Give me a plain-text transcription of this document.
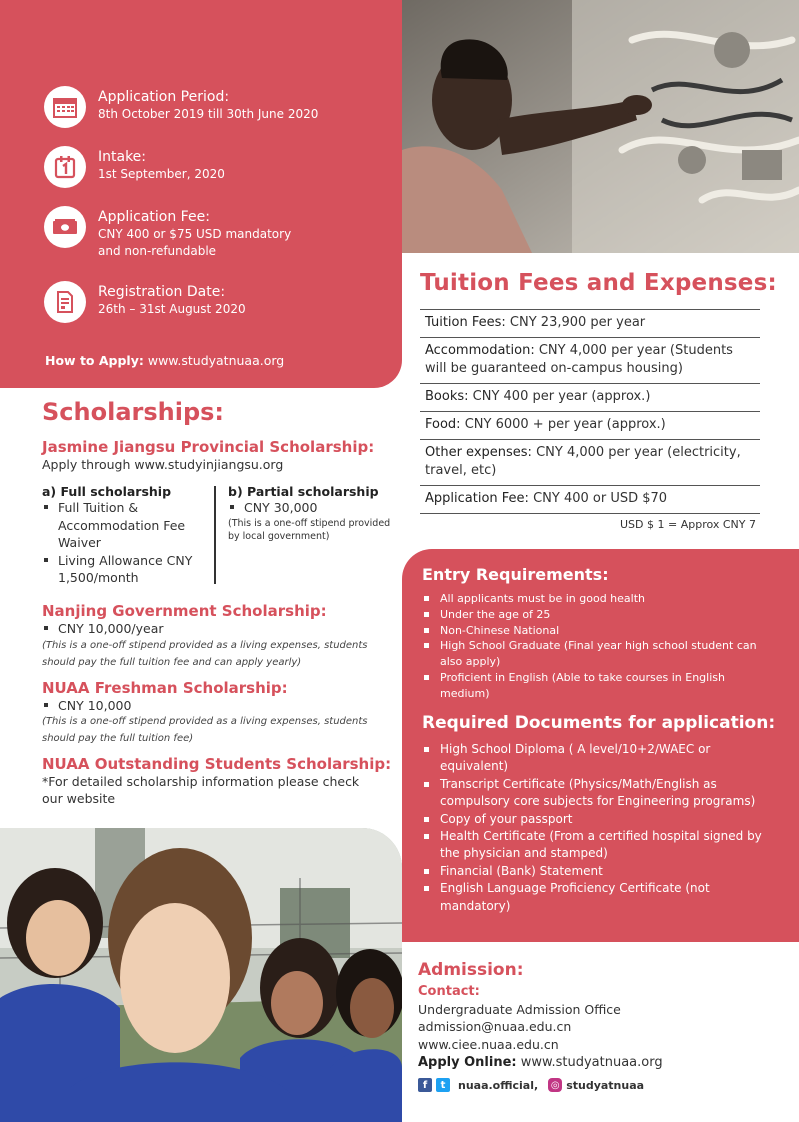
Application Period:
8th October 2019 till 30th June 2020
Intake:
1st September, 2020
Application Fee:
CNY 400 or $75 USD mandatory
and non-refundable
Registration Date:
26th – 31st August 2020
How to Apply: www.studyatnuaa.org
Tuition Fees and Expenses:
Tuition Fees: CNY 23,900 per year
Accommodation: CNY 4,000 per year (Students will be guaranteed on-campus housing)
Books: CNY 400 per year (approx.)
Food: CNY 6000 + per year (approx.)
Other expenses: CNY 4,000 per year (electricity, travel, etc)
Application Fee: CNY 400 or USD $70
USD $ 1 = Approx CNY 7
Entry Requirements:
All applicants must be in good health
Under the age of 25
Non-Chinese National
High School Graduate (Final year high school student can also apply)
Proficient in English (Able to take courses in English medium)
Required Documents for application:
High School Diploma ( A level/10+2/WAEC or equivalent)
Transcript Certificate (Physics/Math/English as compulsory core subjects for Engineering programs)
Copy of your passport
Health Certificate (From a certified hospital signed by the physician and stamped)
Financial (Bank) Statement
English Language Proficiency Certificate (not mandatory)
Scholarships:
Jasmine Jiangsu Provincial Scholarship:
Apply through www.studyinjiangsu.org
a) Full scholarship
Full Tuition & Accommodation Fee Waiver
Living Allowance CNY 1,500/month
b) Partial scholarship
CNY 30,000
(This is a one-off stipend provided by local government)
Nanjing Government Scholarship:
CNY 10,000/year
(This is a one-off stipend provided as a living expenses, students should pay the full tuition fee and can apply yearly)
NUAA Freshman Scholarship:
CNY 10,000
(This is a one-off stipend provided as a living expenses, students should pay the full tuition fee)
NUAA Outstanding Students Scholarship:
*For detailed scholarship information please check our website
Admission:
Contact:
Undergraduate Admission Office
admission@nuaa.edu.cn
www.ciee.nuaa.edu.cn
Apply Online: www.studyatnuaa.org
f	t	nuaa.official, ◎ studyatnuaa
